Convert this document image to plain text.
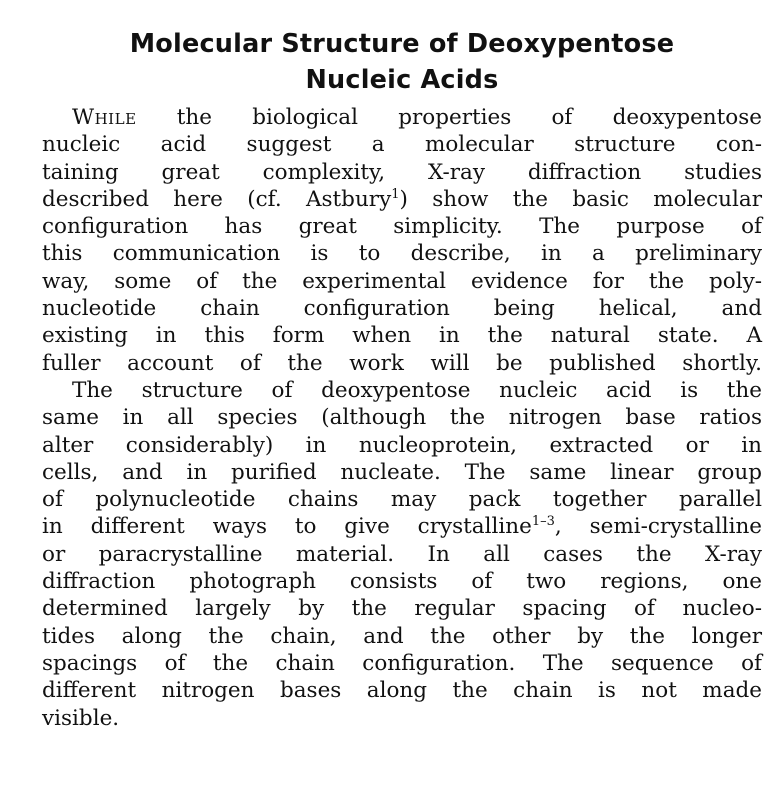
Molecular Structure of Deoxypentose
Nucleic Acids
While the biological properties of deoxypentose
nucleic acid suggest a molecular structure con-
taining great complexity, X-ray diffraction studies
described here (cf. Astbury$^1$) show the basic molecular
configuration has great simplicity. The purpose of
this communication is to describe, in a preliminary
way, some of the experimental evidence for the poly-
nucleotide chain configuration being helical, and
existing in this form when in the natural state. A
fuller account of the work will be published shortly.
The structure of deoxypentose nucleic acid is the
same in all species (although the nitrogen base ratios
alter considerably) in nucleoprotein, extracted or in
cells, and in purified nucleate. The same linear group
of polynucleotide chains may pack together parallel
in different ways to give crystalline$^{1-3}$, semi-crystalline
or paracrystalline material. In all cases the X-ray
diffraction photograph consists of two regions, one
determined largely by the regular spacing of nucleo-
tides along the chain, and the other by the longer
spacings of the chain configuration. The sequence of
different nitrogen bases along the chain is not made
visible.
